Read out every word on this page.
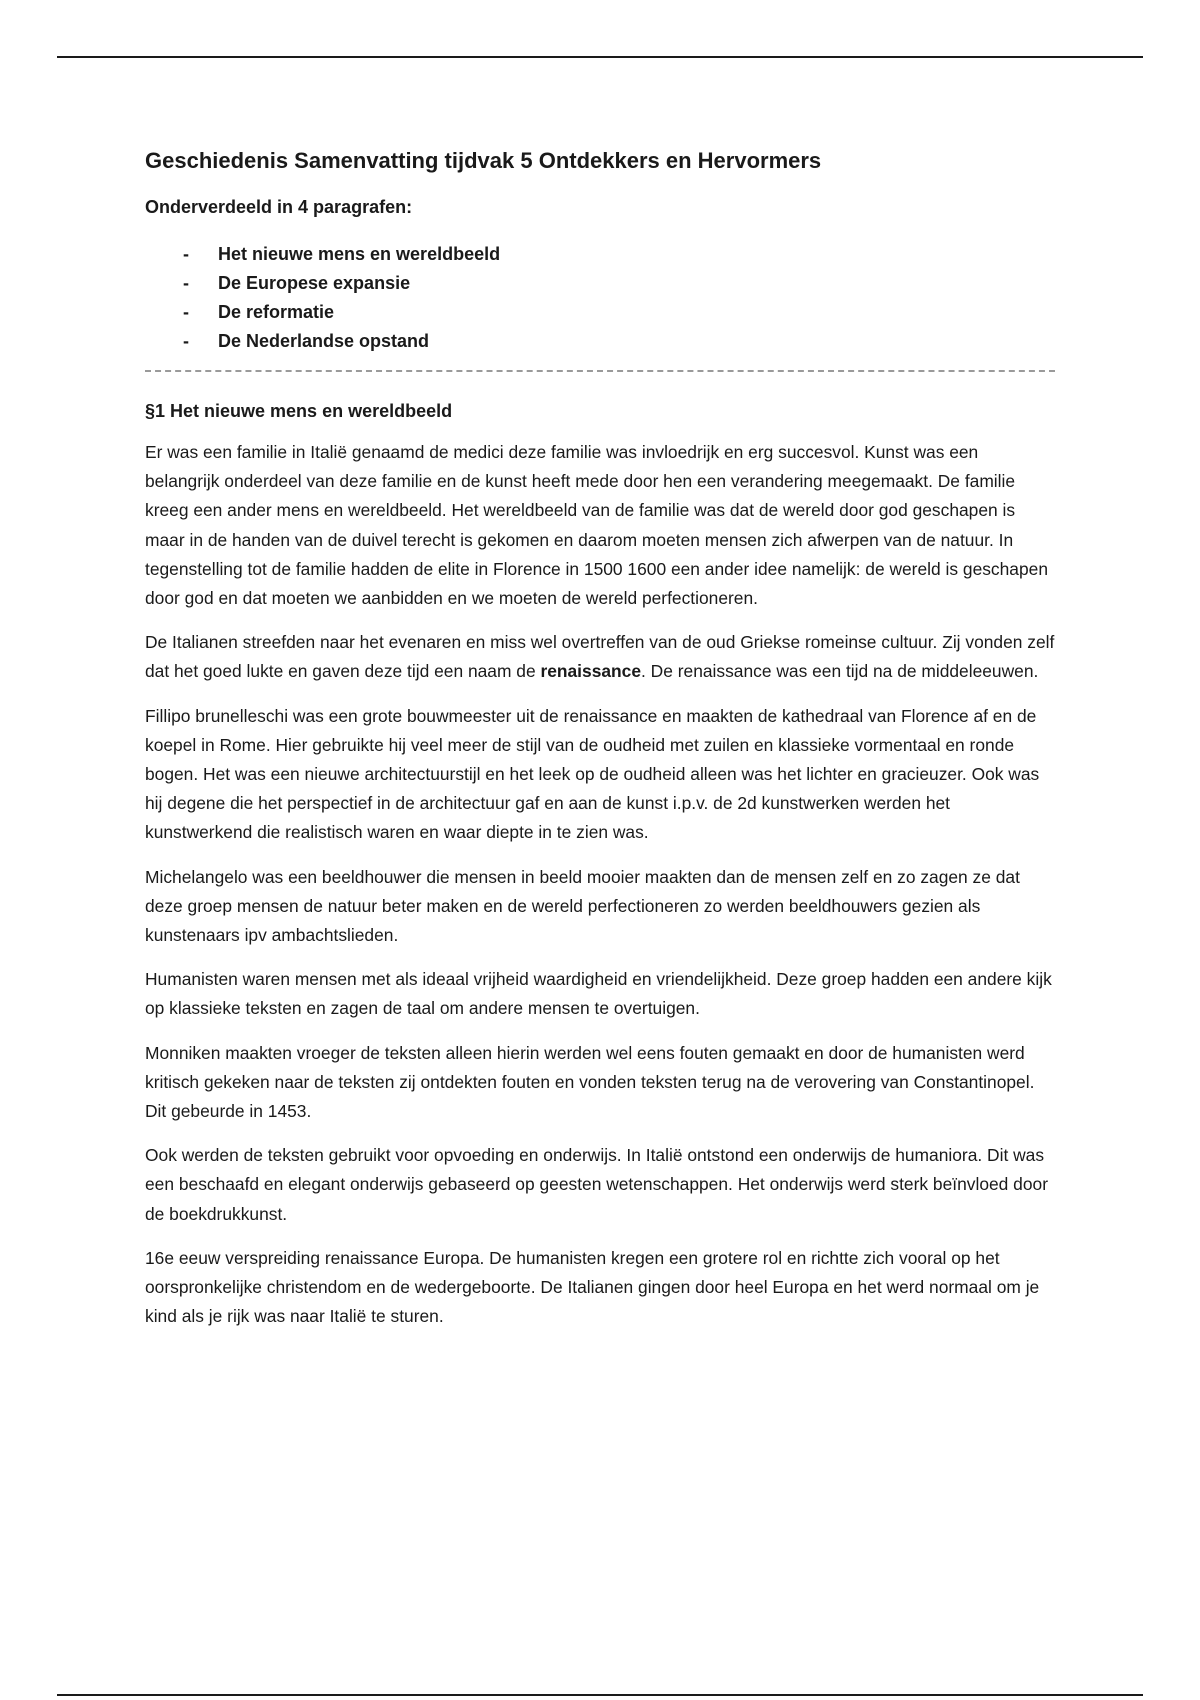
Geschiedenis Samenvatting tijdvak 5 Ontdekkers en Hervormers
Onderverdeeld in 4 paragrafen:
-	Het nieuwe mens en wereldbeeld
-	De Europese expansie
-	De reformatie
-	De Nederlandse opstand
§1 Het nieuwe mens en wereldbeeld

Er was een familie in Italië genaamd de medici deze familie was invloedrijk en erg succesvol. Kunst was een belangrijk onderdeel van deze familie en de kunst heeft mede door hen een verandering meegemaakt. De familie kreeg een ander mens en wereldbeeld. Het wereldbeeld van de familie was dat de wereld door god geschapen is maar in de handen van de duivel terecht is gekomen en daarom moeten mensen zich afwerpen van de natuur. In tegenstelling tot de familie hadden de elite in Florence in 1500 1600 een ander idee namelijk: de wereld is geschapen door god en dat moeten we aanbidden en we moeten de wereld perfectioneren.

De Italianen streefden naar het evenaren en miss wel overtreffen van de oud Griekse romeinse cultuur. Zij vonden zelf dat het goed lukte en gaven deze tijd een naam de renaissance. De renaissance was een tijd na de middeleeuwen.

Fillipo brunelleschi was een grote bouwmeester uit de renaissance en maakten de kathedraal van Florence af en de koepel in Rome. Hier gebruikte hij veel meer de stijl van de oudheid met zuilen en klassieke vormentaal en ronde bogen. Het was een nieuwe architectuurstijl en het leek op de oudheid alleen was het lichter en gracieuzer. Ook was hij degene die het perspectief in de architectuur gaf en aan de kunst i.p.v. de 2d kunstwerken werden het kunstwerkend die realistisch waren en waar diepte in te zien was.

Michelangelo was een beeldhouwer die mensen in beeld mooier maakten dan de mensen zelf en zo zagen ze dat deze groep mensen de natuur beter maken en de wereld perfectioneren zo werden beeldhouwers gezien als kunstenaars ipv ambachtslieden.

Humanisten waren mensen met als ideaal vrijheid waardigheid en vriendelijkheid. Deze groep hadden een andere kijk op klassieke teksten en zagen de taal om andere mensen te overtuigen.

Monniken maakten vroeger de teksten alleen hierin werden wel eens fouten gemaakt en door de humanisten werd kritisch gekeken naar de teksten zij ontdekten fouten en vonden teksten terug na de verovering van Constantinopel. Dit gebeurde in 1453.

Ook werden de teksten gebruikt voor opvoeding en onderwijs. In Italië ontstond een onderwijs de humaniora. Dit was een beschaafd en elegant onderwijs gebaseerd op geesten wetenschappen. Het onderwijs werd sterk beïnvloed door de boekdrukkunst.

16e eeuw verspreiding renaissance Europa. De humanisten kregen een grotere rol en richtte zich vooral op het oorspronkelijke christendom en de wedergeboorte. De Italianen gingen door heel Europa en het werd normaal om je kind als je rijk was naar Italië te sturen.
